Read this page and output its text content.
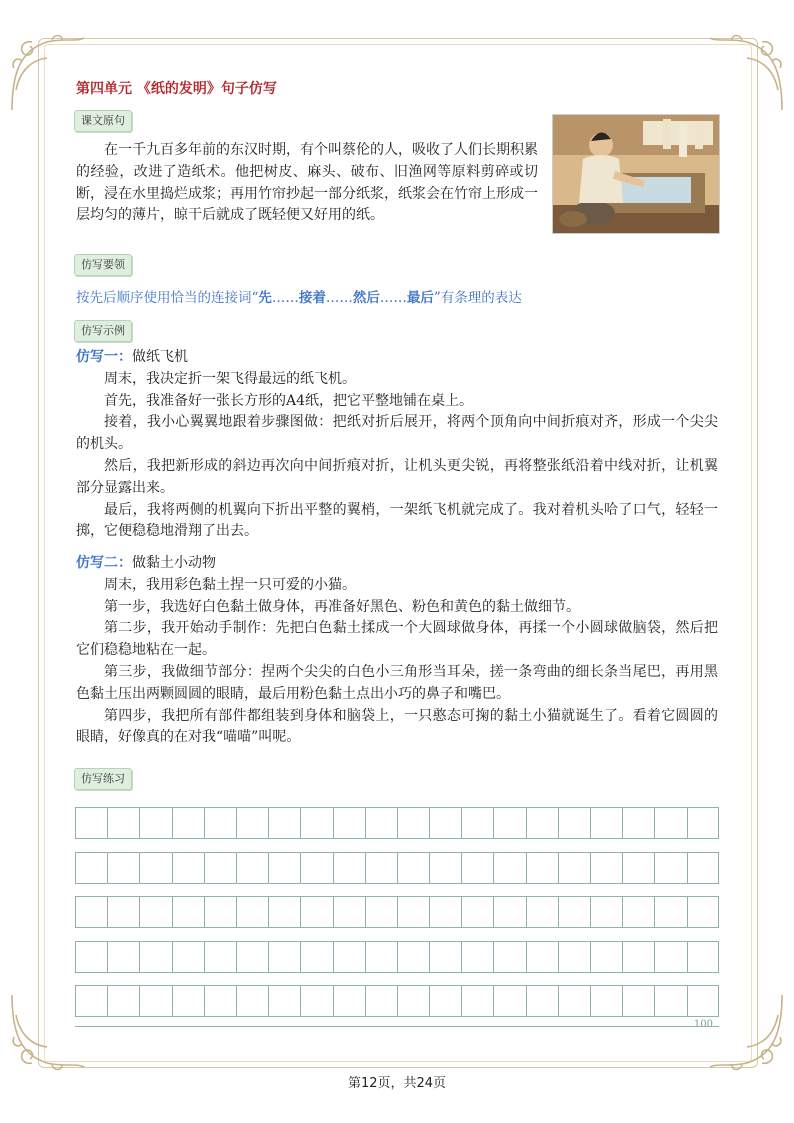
第四单元 《纸的发明》句子仿写
课文原句

在一千九百多年前的东汉时期，有个叫蔡伦的人，吸收了人们长期积累的经验，改进了造纸术。他把树皮、麻头、破布、旧渔网等原料剪碎或切断，浸在水里捣烂成浆；再用竹帘抄起一部分纸浆，纸浆会在竹帘上形成一层均匀的薄片，晾干后就成了既轻便又好用的纸。

仿写要领
按先后顺序使用恰当的连接词“先……接着……然后……最后”有条理的表达
仿写示例

仿写一：做纸飞机

周末，我决定折一架飞得最远的纸飞机。

首先，我准备好一张长方形的A4纸，把它平整地铺在桌上。

接着，我小心翼翼地跟着步骤图做：把纸对折后展开，将两个顶角向中间折痕对齐，形成一个尖尖的机头。

然后，我把新形成的斜边再次向中间折痕对折，让机头更尖锐，再将整张纸沿着中线对折，让机翼部分显露出来。

最后，我将两侧的机翼向下折出平整的翼梢，一架纸飞机就完成了。我对着机头哈了口气，轻轻一掷，它便稳稳地滑翔了出去。

仿写二：做黏土小动物

周末，我用彩色黏土捏一只可爱的小猫。

第一步，我选好白色黏土做身体，再准备好黑色、粉色和黄色的黏土做细节。

第二步，我开始动手制作：先把白色黏土揉成一个大圆球做身体，再揉一个小圆球做脑袋，然后把它们稳稳地粘在一起。

第三步，我做细节部分：捏两个尖尖的白色小三角形当耳朵，搓一条弯曲的细长条当尾巴，再用黑色黏土压出两颗圆圆的眼睛，最后用粉色黏土点出小巧的鼻子和嘴巴。

第四步，我把所有部件都组装到身体和脑袋上，一只憨态可掬的黏土小猫就诞生了。看着它圆圆的眼睛，好像真的在对我“喵喵”叫呢。

仿写练习
100
第12页，共24页
